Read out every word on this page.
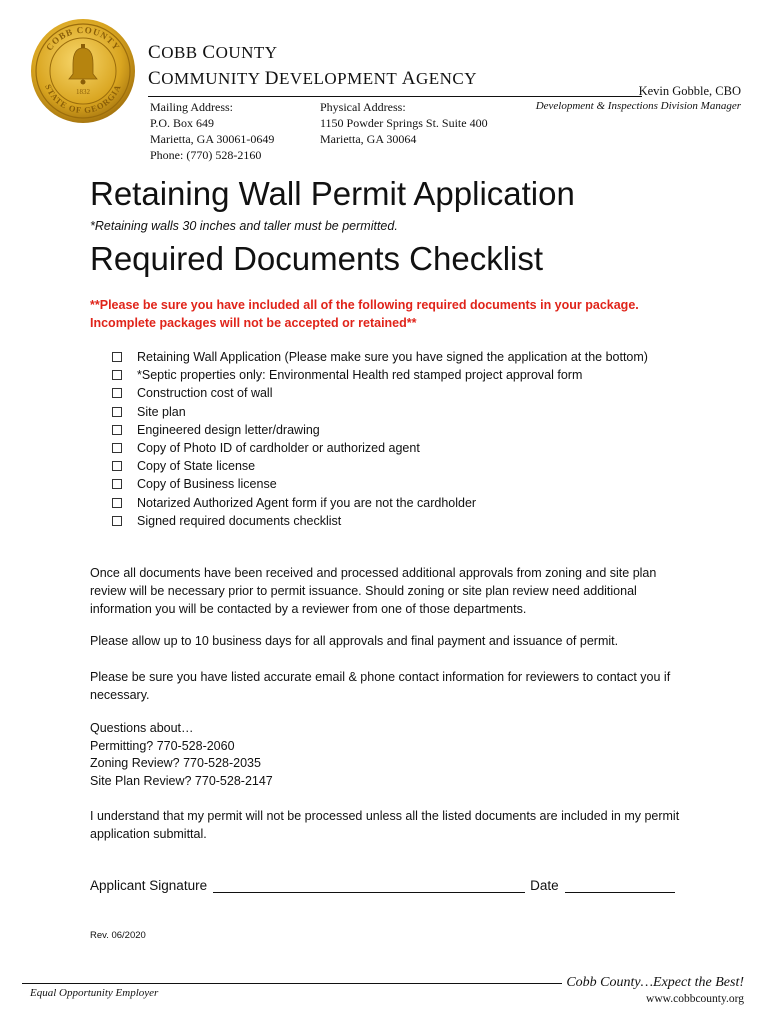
COBB COUNTY
STATE OF GEORGIA
1832
COBB COUNTY
COMMUNITY DEVELOPMENT AGENCY
Mailing Address:
P.O. Box 649
Marietta, GA 30061-0649
Phone: (770) 528-2160
Physical Address:
1150 Powder Springs St. Suite 400
Marietta, GA 30064
Kevin Gobble, CBO
Development & Inspections Division Manager
Retaining Wall Permit Application
*Retaining walls 30 inches and taller must be permitted.
Required Documents Checklist
**Please be sure you have included all of the following required documents in your package. Incomplete packages will not be accepted or retained**
Retaining Wall Application (Please make sure you have signed the application at the bottom)
*Septic properties only: Environmental Health red stamped project approval form
Construction cost of wall
Site plan
Engineered design letter/drawing
Copy of Photo ID of cardholder or authorized agent
Copy of State license
Copy of Business license
Notarized Authorized Agent form if you are not the cardholder
Signed required documents checklist
Once all documents have been received and processed additional approvals from zoning and site plan review will be necessary prior to permit issuance. Should zoning or site plan review need additional information you will be contacted by a reviewer from one of those departments.
Please allow up to 10 business days for all approvals and final payment and issuance of permit.
Please be sure you have listed accurate email & phone contact information for reviewers to contact you if necessary.
Questions about…
Permitting? 770-528-2060
Zoning Review? 770-528-2035
Site Plan Review? 770-528-2147
I understand that my permit will not be processed unless all the listed documents are included in my permit application submittal.
Applicant Signature	Date
Rev. 06/2020
Equal Opportunity Employer
Cobb County…Expect the Best!
www.cobbcounty.org
